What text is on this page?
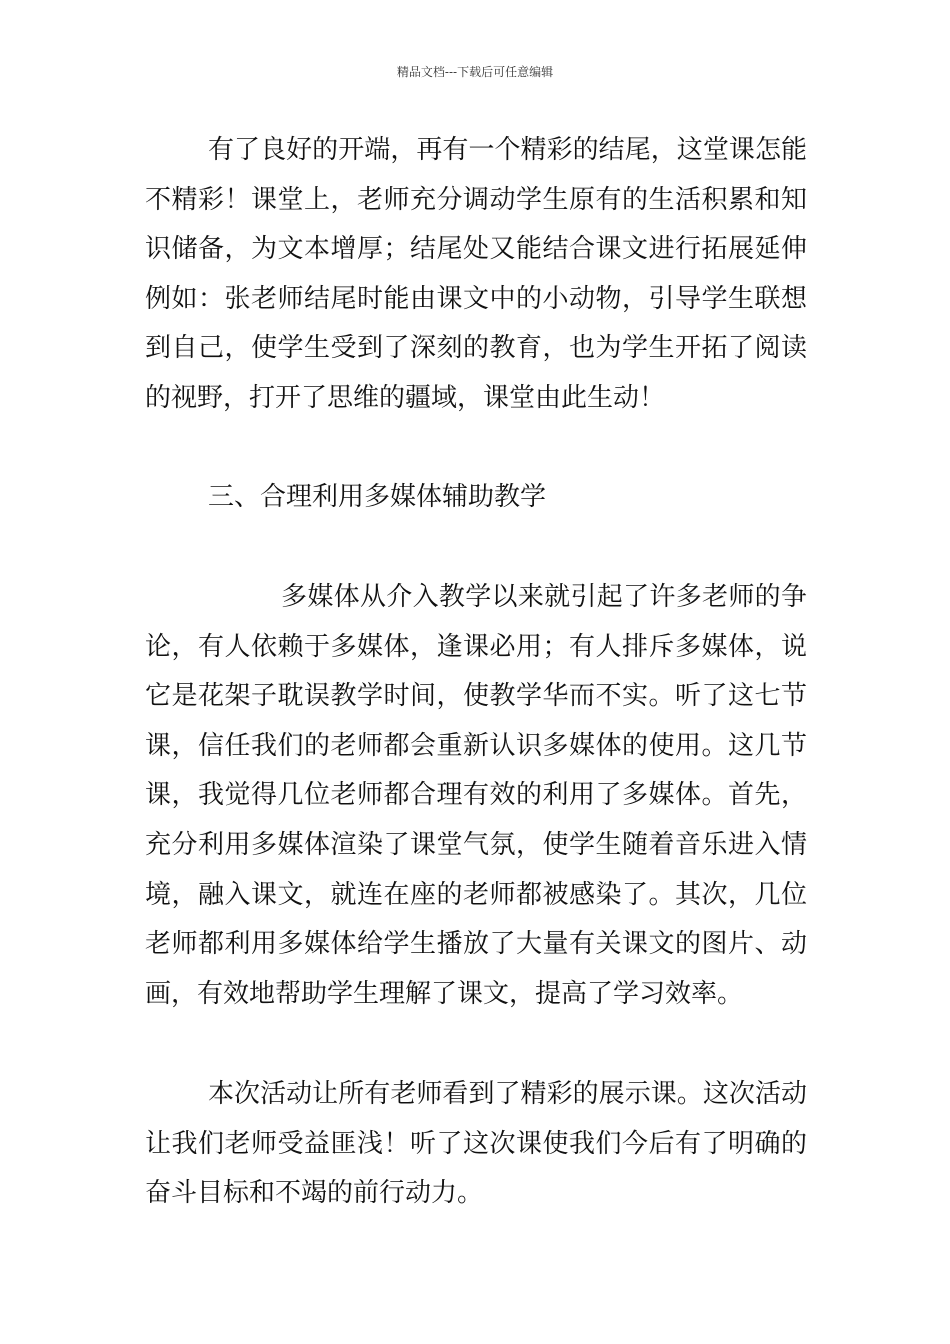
精品文档---下载后可任意编辑

有了良好的开端，再有一个精彩的结尾，这堂课怎能不精彩！课堂上，老师充分调动学生原有的生活积累和知识储备，为文本增厚；结尾处又能结合课文进行拓展延伸例如：张老师结尾时能由课文中的小动物，引导学生联想到自己，使学生受到了深刻的教育，也为学生开拓了阅读的视野，打开了思维的疆域，课堂由此生动！

三、合理利用多媒体辅助教学

多媒体从介入教学以来就引起了许多老师的争论，有人依赖于多媒体，逢课必用；有人排斥多媒体，说它是花架子耽误教学时间，使教学华而不实。听了这七节课，信任我们的老师都会重新认识多媒体的使用。这几节课，我觉得几位老师都合理有效的利用了多媒体。首先，充分利用多媒体渲染了课堂气氛，使学生随着音乐进入情境，融入课文，就连在座的老师都被感染了。其次，几位老师都利用多媒体给学生播放了大量有关课文的图片、动画，有效地帮助学生理解了课文，提高了学习效率。

本次活动让所有老师看到了精彩的展示课。这次活动让我们老师受益匪浅！听了这次课使我们今后有了明确的奋斗目标和不竭的前行动力。
